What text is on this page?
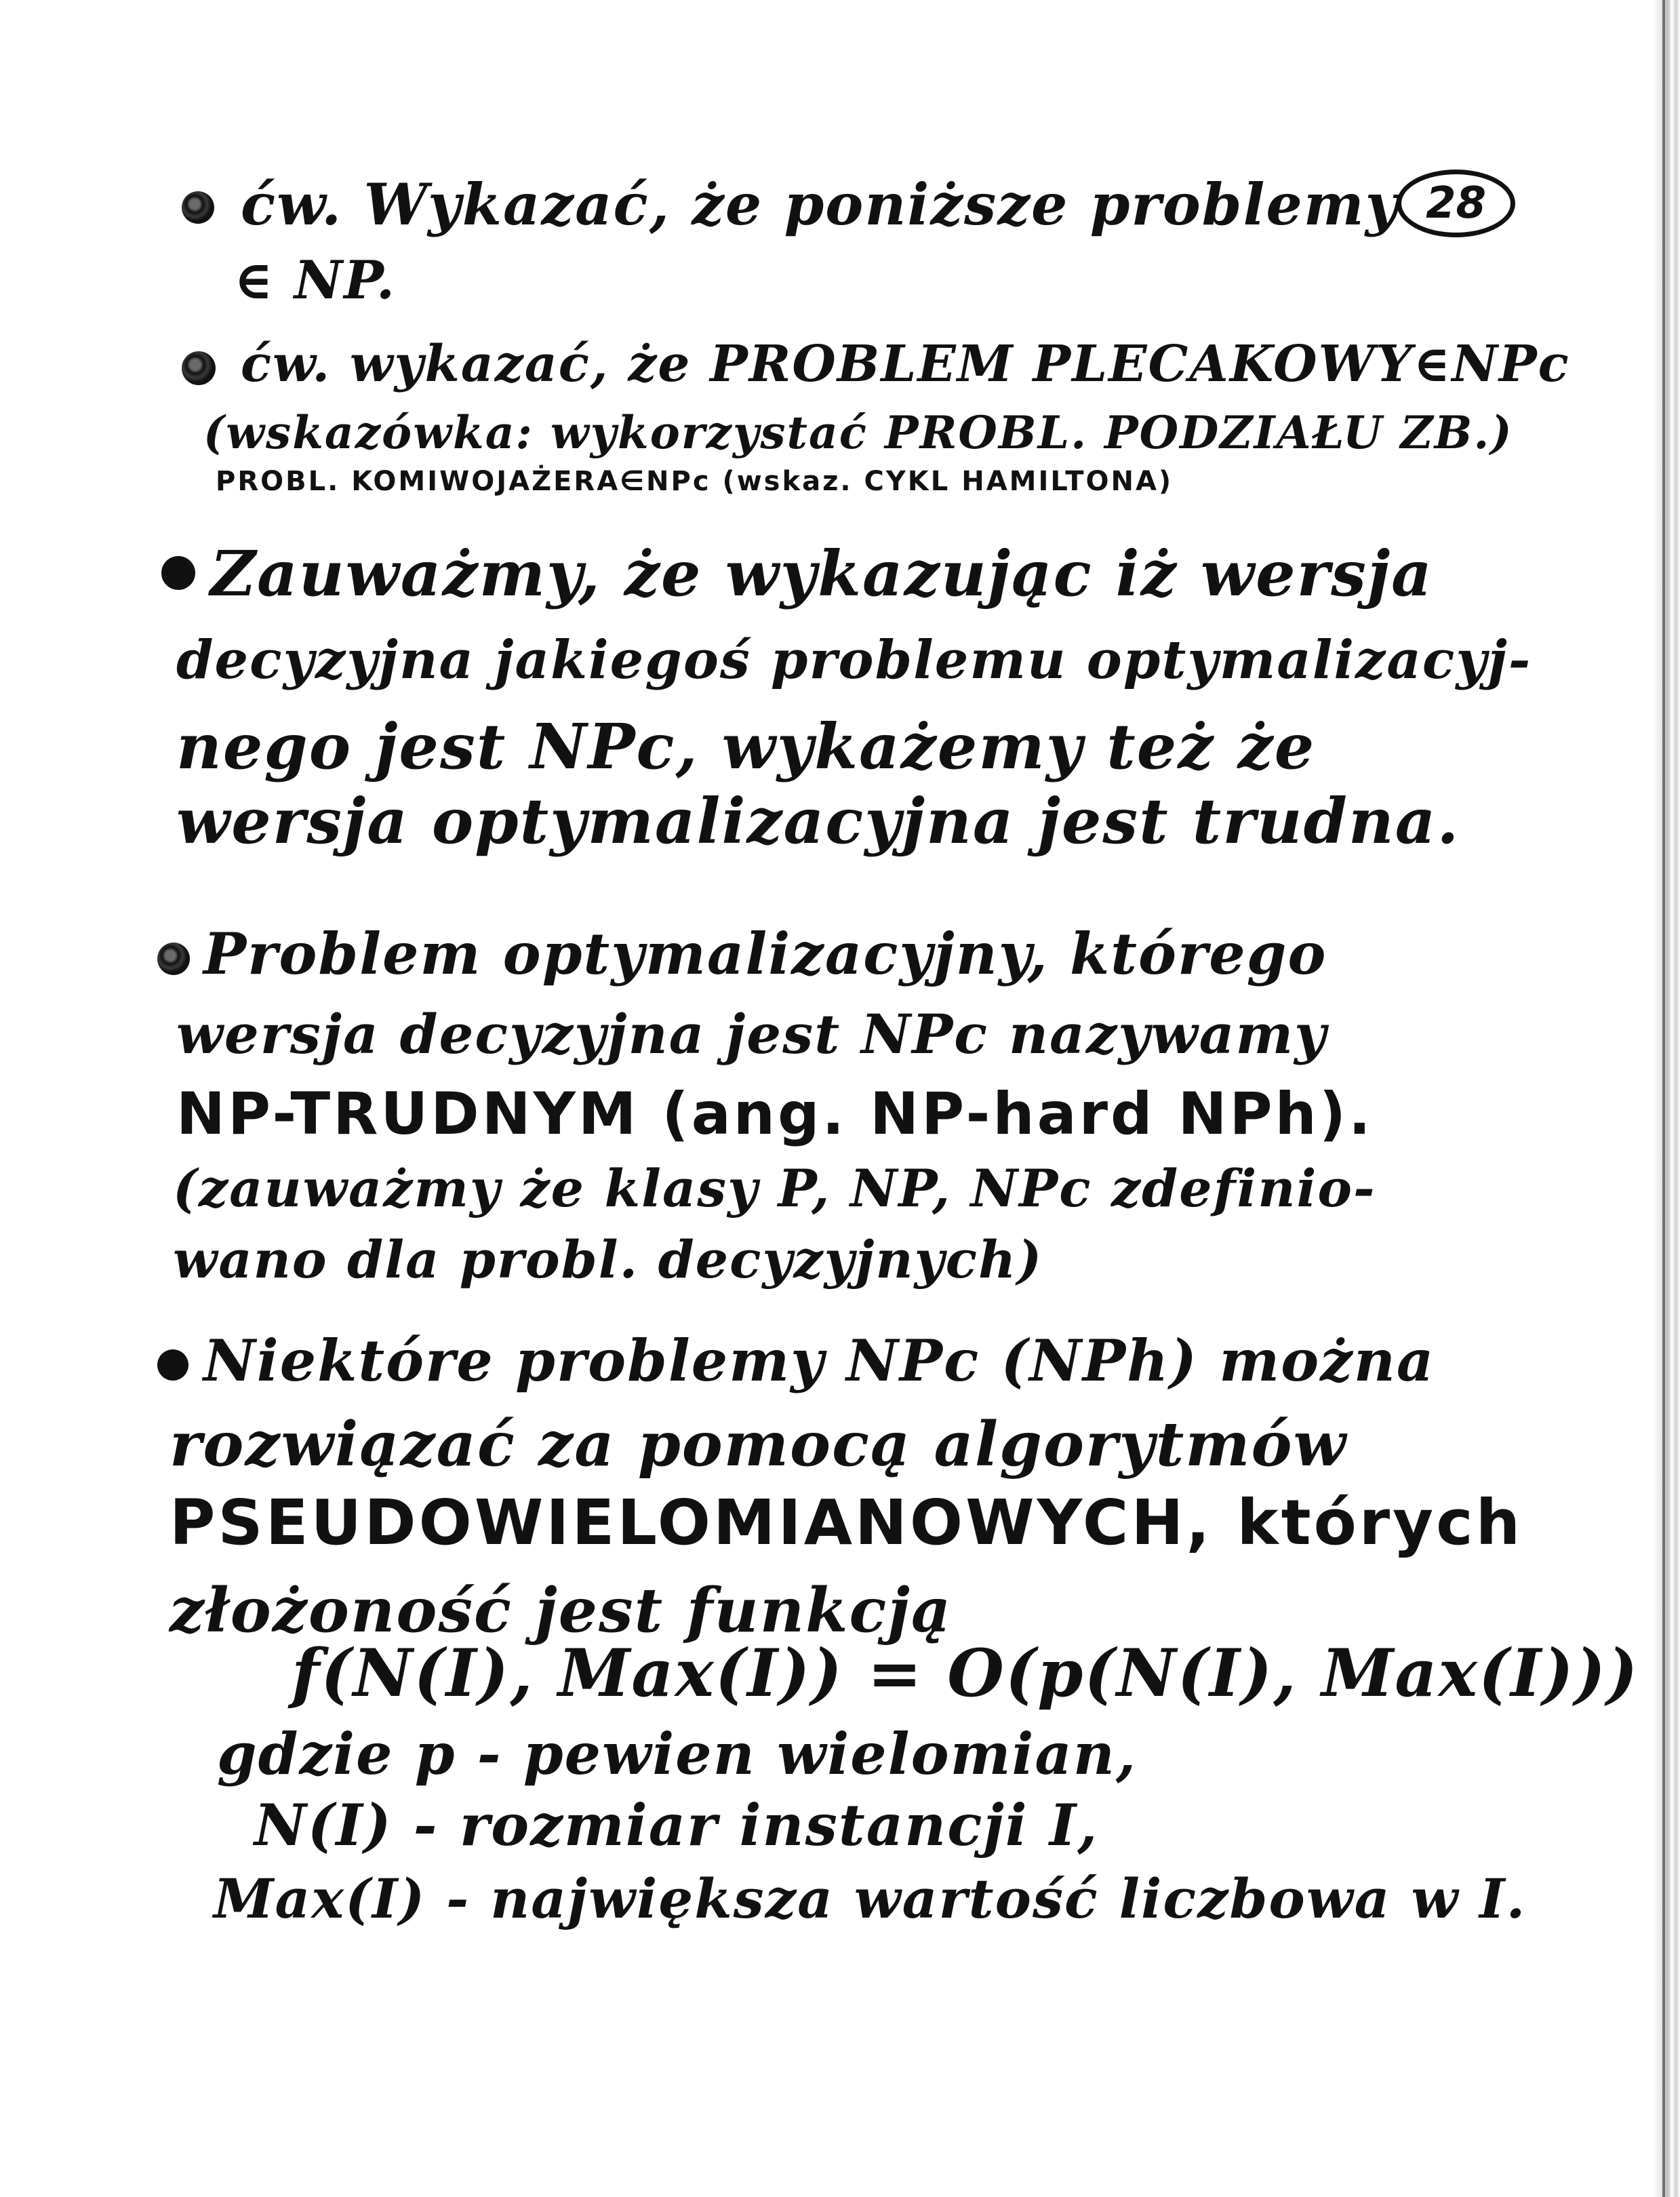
28
ćw. Wykazać, że poniższe problemy
∈ NP.
ćw. wykazać, że PROBLEM PLECAKOWY∈NPc
(wskazówka: wykorzystać PROBL. PODZIAŁU ZB.)
PROBL. KOMIWOJAŻERA∈NPc (wskaz. CYKL HAMILTONA)
Zauważmy, że wykazując iż wersja
decyzyjna jakiegoś problemu optymalizacyj-
nego jest NPc, wykażemy też że
wersja optymalizacyjna jest trudna.
Problem optymalizacyjny, którego
wersja decyzyjna jest NPc nazywamy
NP-TRUDNYM (ang. NP-hard NPh).
(zauważmy że klasy P, NP, NPc zdefinio-
wano dla probl. decyzyjnych)
Niektóre problemy NPc (NPh) można
rozwiązać za pomocą algorytmów
PSEUDOWIELOMIANOWYCH, których
złożoność jest funkcją
f(N(I), Max(I)) = O(p(N(I), Max(I)))
gdzie p - pewien wielomian,
N(I) - rozmiar instancji I,
Max(I) - największa wartość liczbowa w I.
